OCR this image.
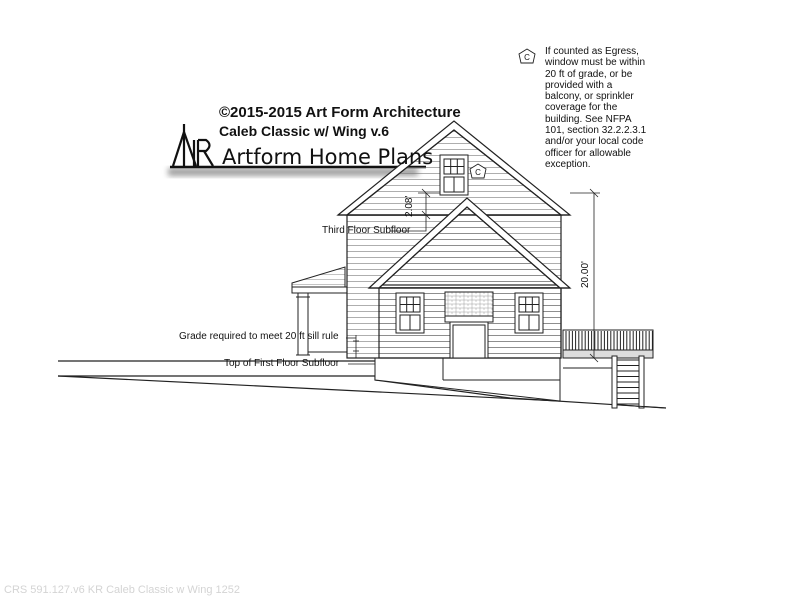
C
C
©2015-2015 Art Form Architecture
Caleb Classic w/ Wing v.6
Artform Home Plans
If counted as Egress,
window must be within
20 ft of grade, or be
provided with a
balcony, or sprinkler
coverage for the
building. See NFPA
101, section 32.2.2.3.1
and/or your local code
officer for allowable
exception.
Third Floor Subfloor
Grade required to meet 20 ft sill rule
Top of First Floor Subfloor
2.08'
20.00'
CRS 591.127.v6 KR Caleb Classic w Wing 1252
